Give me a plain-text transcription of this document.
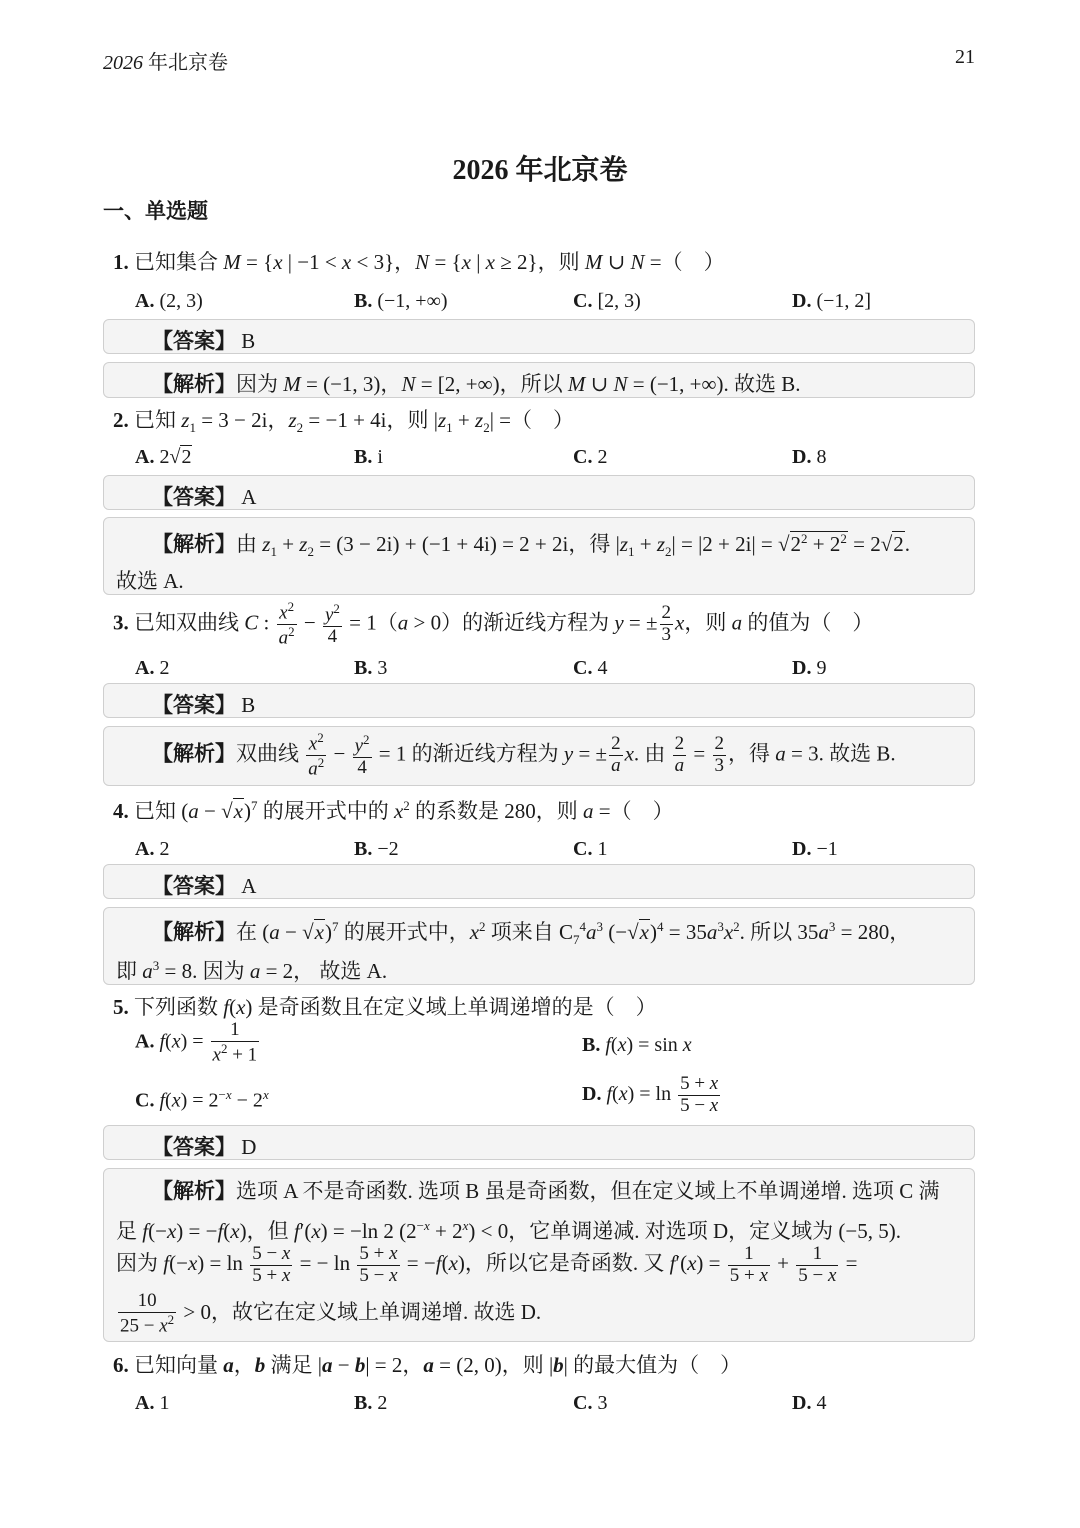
2026 年北京卷	21
2026 年北京卷
一、单选题
1. 已知集合 M = {x | −1 < x < 3}，N = {x | x ≥ 2}，则 M ∪ N =（　）
A. (2, 3)	B. (−1, +∞)	C. [2, 3)	D. (−1, 2]
【答案】 B
【解析】因为 M = (−1, 3)，N = [2, +∞)，所以 M ∪ N = (−1, +∞). 故选 B.
2. 已知 $z_1 = 3 - 2i$，$z_2 = -1 + 4i$，则 $|z_1 + z_2|$ =（　）
A. 2√2	B. i	C. 2	D. 8
【答案】 A
【解析】由 $z_1 + z_2 = (3 - 2i) + (-1 + 4i) = 2 + 2i$，得 $|z_1 + z_2| = |2 + 2i| = √2^2 + 2^2 = 2√2$.
故选 A.
3. 已知双曲线 C : $\frac{x^2}{a^2} - \frac{y^2}{4} = 1(a > 0)$的渐近线方程为 y = ± $\frac{2}{3}$ x，则 a 的值为（　）
A. 2	B. 3	C. 4	D. 9
【答案】 B
【解析】双曲线 $\frac{x^2}{a^2} - \frac{y^2}{4} = 1$ 的渐近线方程为 y = ± $\frac{2}{a} x$. 由 $\frac{2}{a} = \frac{2}{3}$ ，得 a = 3. 故选 B.
4. 已知 $(a - √x)^7$ 的展开式中的 $x^2$ 的系数是 280，则 a =（　）
A. 2	B. −2	C. 1	D. −1
【答案】 A
【解析】在 $(a - √x)^7$ 的展开式中，$x^2$ 项来自 $C_7^4a^3$ $(-√x)^4 = 35a^3x^2$. 所以 $35a^3 = 280$，
即 $a^3 = 8$. 因为 a = 2， 故选 A.
5. 下列函数 f(x) 是奇函数且在定义域上单调递增的是（　）
A. $f(x) = \frac{1}{x^2 + 1}$	B. f(x) = sin x
C. $f(x) = 2^{-x} - 2^x$	D. $f(x) = \ln \frac{5 + x}{5 - x}$
【答案】 D
【解析】选项 A 不是奇函数. 选项 B 虽是奇函数，但在定义域上不单调递增. 选项 C 满
足 f(−x) = −f(x)，但 f′(x) = −ln 2 $(2^{-x} + 2^x) < 0$，它单调递减. 对选项 D，定义域为 (−5, 5).
因为 $f(-x) = \ln \frac{5 - x}{5 + x}$ = − $\ln \frac{5 + x}{5 - x} = -f(x)$，所以它是奇函数. 又 $f'(x) = \frac{1}{5 + x} + \frac{1}{5 - x}$ =
$\frac{10}{25 - x^2} > 0$，故它在定义域上单调递增. 故选 D.
6. 已知向量 a，b 满足 |a − b| = 2，a = (2, 0)，则 |b| 的最大值为（　）
A. 1	B. 2	C. 3	D. 4
